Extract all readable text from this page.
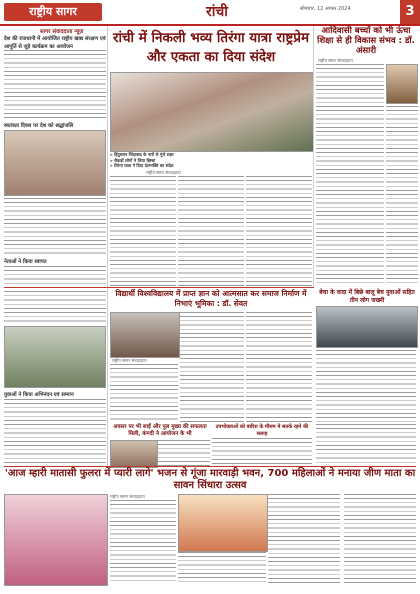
राष्ट्रीय सागर	रांची	सोमवार, 12 अगस्त 2024	3
सागर संवाददाता न्यूज़
देश की राजधानी में आयोजित राष्ट्रीय खाद्य संरक्षण एवं आपूर्ति से जुड़े कार्यक्रम का आयोजन
स्वतंत्रता दिवस पर देश को श्रद्धांजलि
नेताओं ने किया स्वागत
युवाओं ने किया अभिनंदन एवं सम्मान
रांची में निकली भव्य तिरंगा यात्रा राष्ट्रप्रेम और एकता का दिया संदेश
» हिंदुस्तान जिंदाबाद के नारों से गूंजे शहर
» सैकड़ों लोगों ने लिया हिस्सा
» तिरंगा यात्रा ने दिया देशभक्ति का संदेश
राष्ट्रीय सागर संवाददाता
आदिवासी बच्चों को भी ऊंचा शिक्षा से ही विकास संभव : डॉ. अंसारी
राष्ट्रीय सागर संवाददाता
विद्यार्थी विश्वविद्यालय में प्राप्त ज्ञान को आत्मसात कर समाज निर्माण में निभाएं भूमिका : डॉ. सेवत
राष्ट्रीय सागर संवाददाता
बेचा के वादा में बिछे बालू बेच युवाओं सहित तीन लोग जख्मी
अवसर पर भी साईं और पुल मुख्य की सफलता मिली, कंगदी ने आयोजन के भी
उपभोक्ताओं को बारिश के मौसम में सतर्क रहने की सलाह
'आज म्हारी मातासी फुलरा में प्यारी लागे' भजन से गूंजा मारवाड़ी भवन, 700 महिलाओं ने मनाया जीण माता का सावन सिंधारा उत्सव
राष्ट्रीय सागर संवाददाता
